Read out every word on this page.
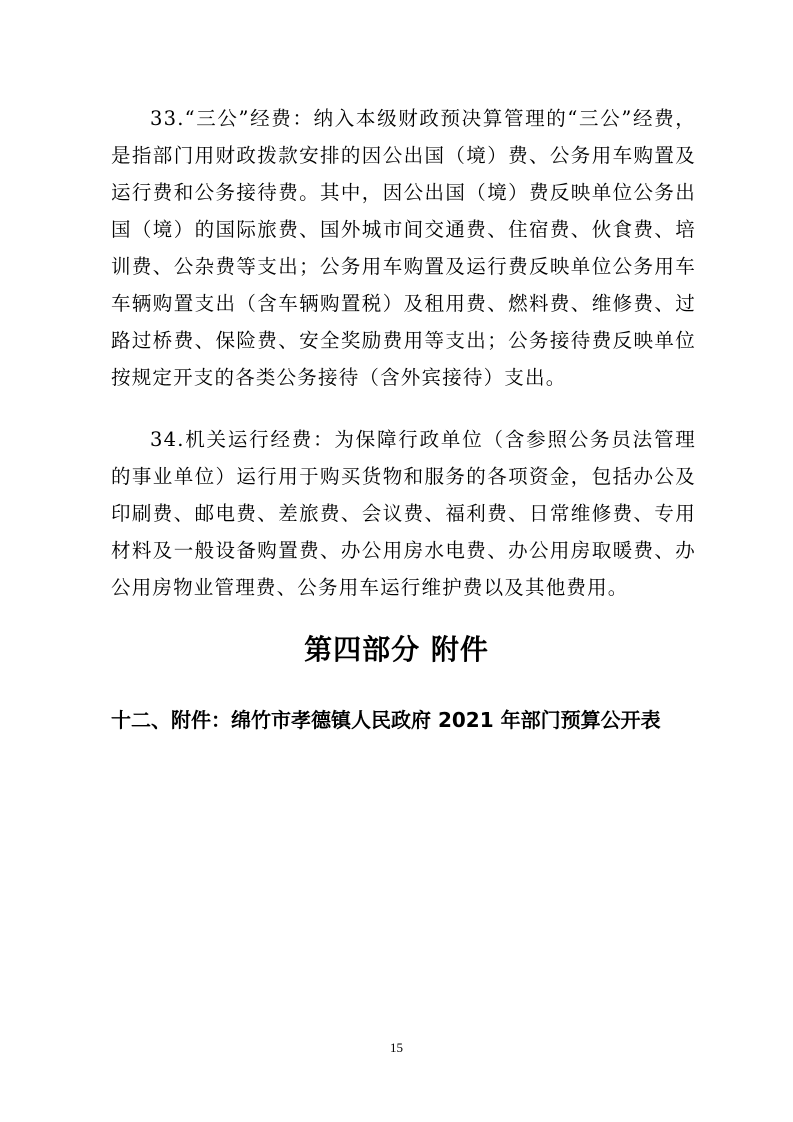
33.“三公”经费：纳入本级财政预决算管理的“三公”经费，是指部门用财政拨款安排的因公出国（境）费、公务用车购置及运行费和公务接待费。其中，因公出国（境）费反映单位公务出国（境）的国际旅费、国外城市间交通费、住宿费、伙食费、培训费、公杂费等支出；公务用车购置及运行费反映单位公务用车车辆购置支出（含车辆购置税）及租用费、燃料费、维修费、过路过桥费、保险费、安全奖励费用等支出；公务接待费反映单位按规定开支的各类公务接待（含外宾接待）支出。

34.机关运行经费：为保障行政单位（含参照公务员法管理的事业单位）运行用于购买货物和服务的各项资金，包括办公及印刷费、邮电费、差旅费、会议费、福利费、日常维修费、专用材料及一般设备购置费、办公用房水电费、办公用房取暖费、办公用房物业管理费、公务用车运行维护费以及其他费用。

第四部分 附件
十二、附件：绵竹市孝德镇人民政府 2021 年部门预算公开表
15
